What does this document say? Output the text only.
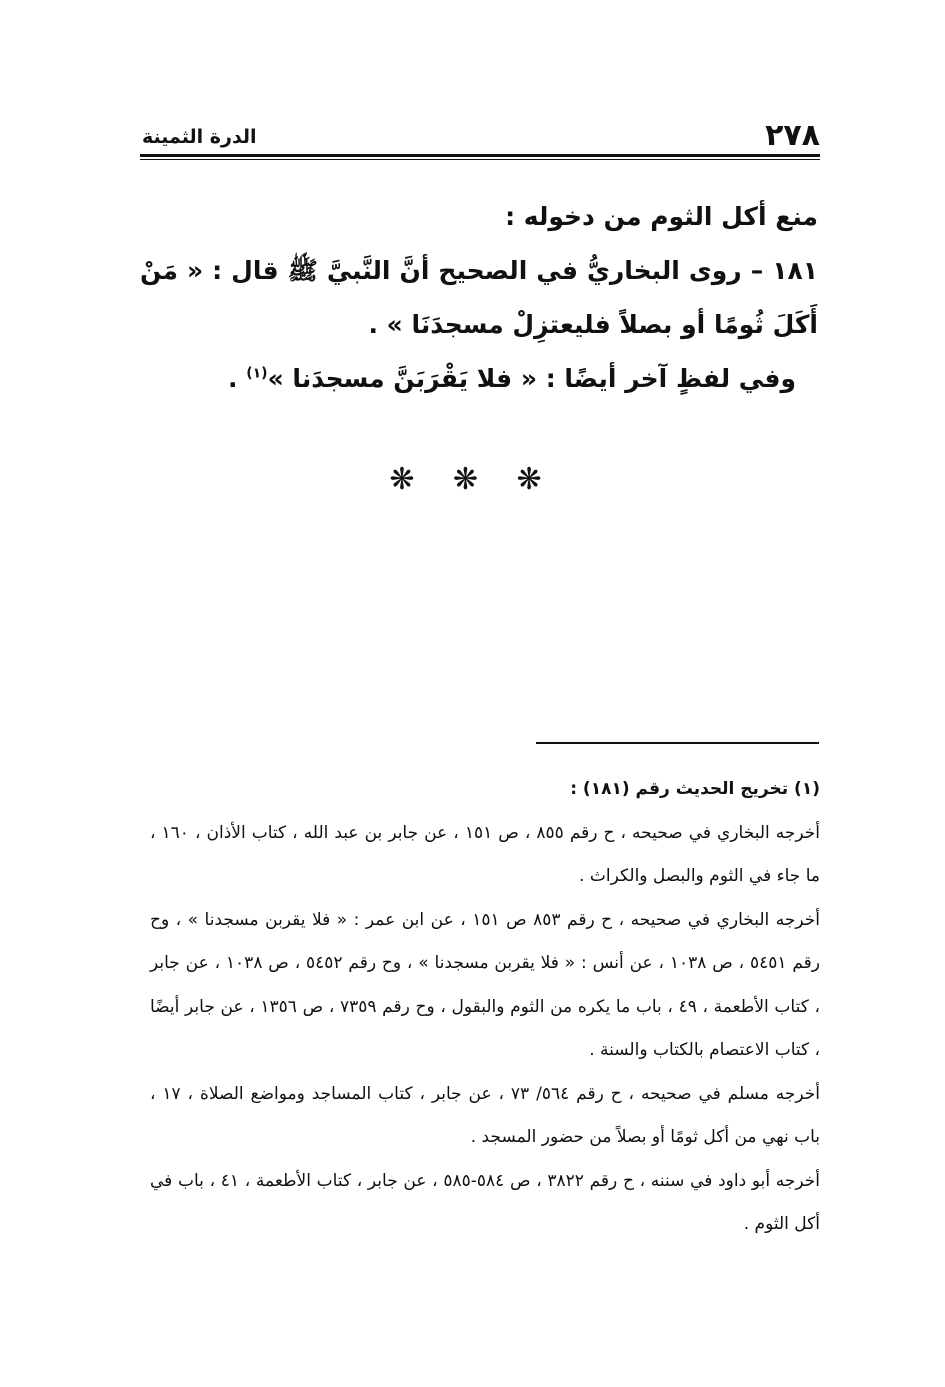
٢٧٨
الدرة الثمينة

منع أكل الثوم من دخوله :

١٨١ – روى البخاريُّ في الصحيح أنَّ النَّبيَّ ﷺ قال : « مَنْ أَكَلَ ثُومًا أو بصلاً فليعتزِلْ مسجدَنَا » .

وفي لفظٍ آخر أيضًا : « فلا يَقْرَبَنَّ مسجدَنا »$^{(١)}$ .

❋ ❋ ❋

(١) تخريج الحديث رقم (١٨١) :

أخرجه البخاري في صحيحه ، ح رقم ٨٥٥ ، ص ١٥١ ، عن جابر بن عبد الله ، كتاب الأذان ، ١٦٠ ، ما جاء في الثوم والبصل والكراث .

أخرجه البخاري في صحيحه ، ح رقم ٨٥٣ ص ١٥١ ، عن ابن عمر : « فلا يقربن مسجدنا » ، وح رقم ٥٤٥١ ، ص ١٠٣٨ ، عن أنس : « فلا يقربن مسجدنا » ، وح رقم ٥٤٥٢ ، ص ١٠٣٨ ، عن جابر ، كتاب الأطعمة ، ٤٩ ، باب ما يكره من الثوم والبقول ، وح رقم ٧٣٥٩ ، ص ١٣٥٦ ، عن جابر أيضًا ، كتاب الاعتصام بالكتاب والسنة .

أخرجه مسلم في صحيحه ، ح رقم ٥٦٤/ ٧٣ ، عن جابر ، كتاب المساجد ومواضع الصلاة ، ١٧ ، باب نهي من أكل ثومًا أو بصلاً من حضور المسجد .

أخرجه أبو داود في سننه ، ح رقم ٣٨٢٢ ، ص ٥٨٤-٥٨٥ ، عن جابر ، كتاب الأطعمة ، ٤١ ، باب في أكل الثوم .
